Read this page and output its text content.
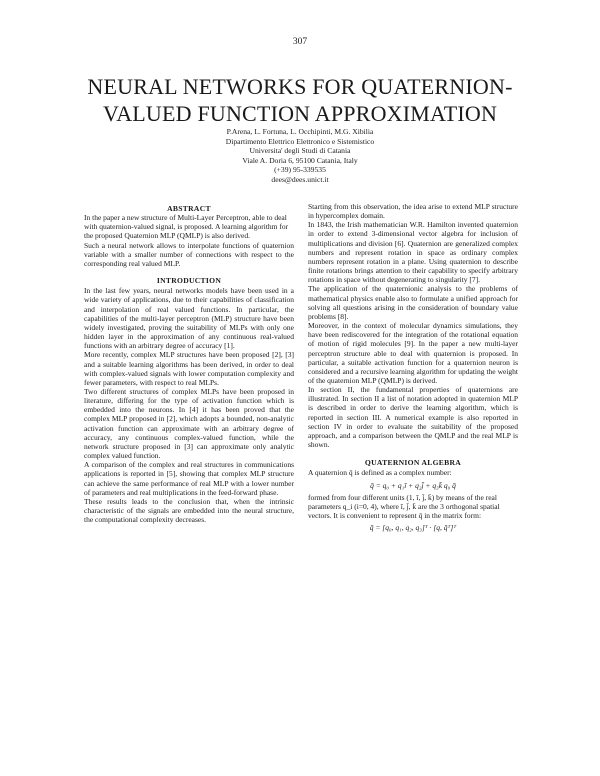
307
NEURAL NETWORKS FOR QUATERNION-
VALUED FUNCTION APPROXIMATION
P.Arena, L. Fortuna, L. Occhipinti, M.G. Xibilia
Dipartimento Elettrico Elettronico e Sistemistico
Universita' degli Studi di Catania
Viale A. Doria 6, 95100 Catania, Italy
(+39) 95-339535
dees@dees.unict.it
ABSTRACT

In the paper a new structure of Multi-Layer Perceptron, able to deal with quaternion-valued signal, is proposed. A learning algorithm for the proposed Quaternion MLP (QMLP) is also derived.

Such a neural network allows to interpolate functions of quaternion variable with a smaller number of connections with respect to the corresponding real valued MLP.

INTRODUCTION

In the last few years, neural networks models have been used in a wide variety of applications, due to their capabilities of classification and interpolation of real valued functions. In particular, the capabilities of the multi-layer perceptron (MLP) structure have been widely investigated, proving the suitability of MLPs with only one hidden layer in the approximation of any continuous real-valued functions with an arbitrary degree of accuracy [1].

More recently, complex MLP structures have been proposed [2], [3] and a suitable learning algorithms has been derived, in order to deal with complex-valued signals with lower computation complexity and fewer parameters, with respect to real MLPs.

Two different structures of complex MLPs have been proposed in literature, differing for the type of activation function which is embedded into the neurons. In [4] it has been proved that the complex MLP proposed in [2], which adopts a bounded, non-analytic activation function can approximate with an arbitrary degree of accuracy, any continuous complex-valued function, while the network structure proposed in [3] can approximate only analytic complex valued function.

A comparison of the complex and real structures in communications applications is reported in [5], showing that complex MLP structure can achieve the same performance of real MLP with a lower number of parameters and real multiplications in the feed-forward phase.

These results leads to the conclusion that, when the intrinsic characteristic of the signals are embedded into the neural structure, the computational complexity decreases.

Starting from this observation, the idea arise to extend MLP structure in hypercomplex domain.

In 1843, the Irish mathematician W.R. Hamilton invented quaternion in order to extend 3-dimensional vector algebra for inclusion of multiplications and division [6]. Quaternion are generalized complex numbers and represent rotation in space as ordinary complex numbers represent rotation in a plane. Using quaternion to describe finite rotations brings attention to their capability to specify arbitrary rotations in space without degenerating to singularity [7].

The application of the quaternionic analysis to the problems of mathematical physics enable also to formulate a unified approach for solving all questions arising in the consideration of boundary value problems [8].

Moreover, in the context of molecular dynamics simulations, they have been rediscovered for the integration of the rotational equation of motion of rigid molecules [9]. In the paper a new multi-layer perceptron structure able to deal with quaternion is proposed. In particular, a suitable activation function for a quaternion neuron is considered and a recursive learning algorithm for updating the weight of the quaternion MLP (QMLP) is derived.

In section II, the fundamental properties of quaternions are illustrated. In section II a list of notation adopted in quaternion MLP is described in order to derive the learning algorithm, which is reported in section III. A numerical example is also reported in section IV in order to evaluate the suitability of the proposed approach, and a comparison between the QMLP and the real MLP is shown.

QUATERNION ALGEBRA

A quaternion q̄ is defined as a complex number:

q̄ = q₀ + q₁ī + q₂j̄ + q₃k̄ q₀ q̄

formed from four different units (1, ī, j̄, k̄) by means of the real parameters q_i (i=0, 4), where ī, j̄, k̄ are the 3 orthogonal spatial vectors. It is convenient to represent q̄ in the matrix form:

q̄ = [q₀, q₁, q₂, q₃]ᵀ · [q, q̄ᵀ]ᵀ
